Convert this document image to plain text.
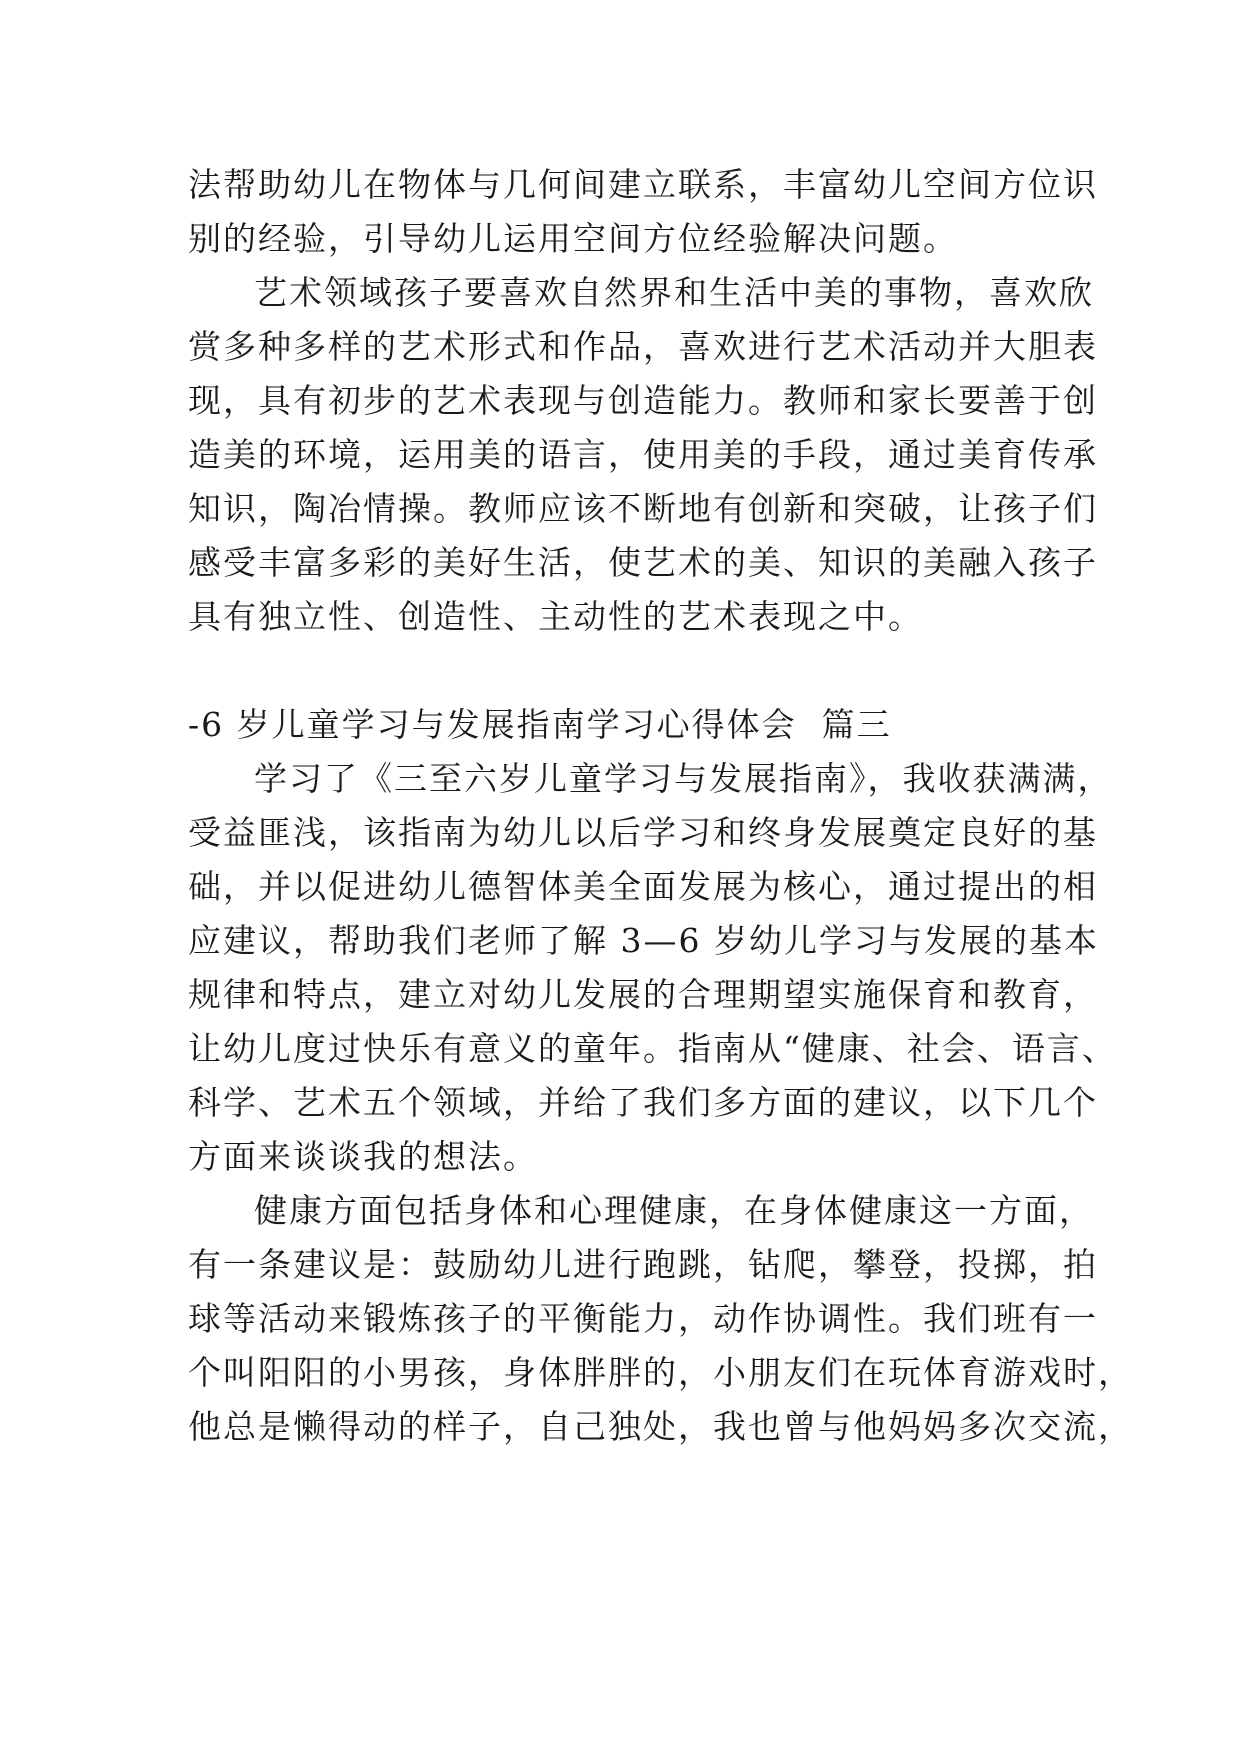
法帮助幼儿在物体与几何间建立联系，丰富幼儿空间方位识
别的经验，引导幼儿运用空间方位经验解决问题。

艺术领域孩子要喜欢自然界和生活中美的事物，喜欢欣
赏多种多样的艺术形式和作品，喜欢进行艺术活动并大胆表
现，具有初步的艺术表现与创造能力。教师和家长要善于创
造美的环境，运用美的语言，使用美的手段，通过美育传承
知识，陶冶情操。教师应该不断地有创新和突破，让孩子们
感受丰富多彩的美好生活，使艺术的美、知识的美融入孩子
具有独立性、创造性、主动性的艺术表现之中。

-6 岁儿童学习与发展指南学习心得体会  篇三

学习了《三至六岁儿童学习与发展指南》，我收获满满，
受益匪浅，该指南为幼儿以后学习和终身发展奠定良好的基
础，并以促进幼儿德智体美全面发展为核心，通过提出的相
应建议，帮助我们老师了解 3—6 岁幼儿学习与发展的基本
规律和特点，建立对幼儿发展的合理期望实施保育和教育，
让幼儿度过快乐有意义的童年。指南从“健康、社会、语言、
科学、艺术五个领域，并给了我们多方面的建议，以下几个
方面来谈谈我的想法。

健康方面包括身体和心理健康，在身体健康这一方面，
有一条建议是：鼓励幼儿进行跑跳，钻爬，攀登，投掷，拍
球等活动来锻炼孩子的平衡能力，动作协调性。我们班有一
个叫阳阳的小男孩，身体胖胖的，小朋友们在玩体育游戏时，
他总是懒得动的样子，自己独处，我也曾与他妈妈多次交流，
